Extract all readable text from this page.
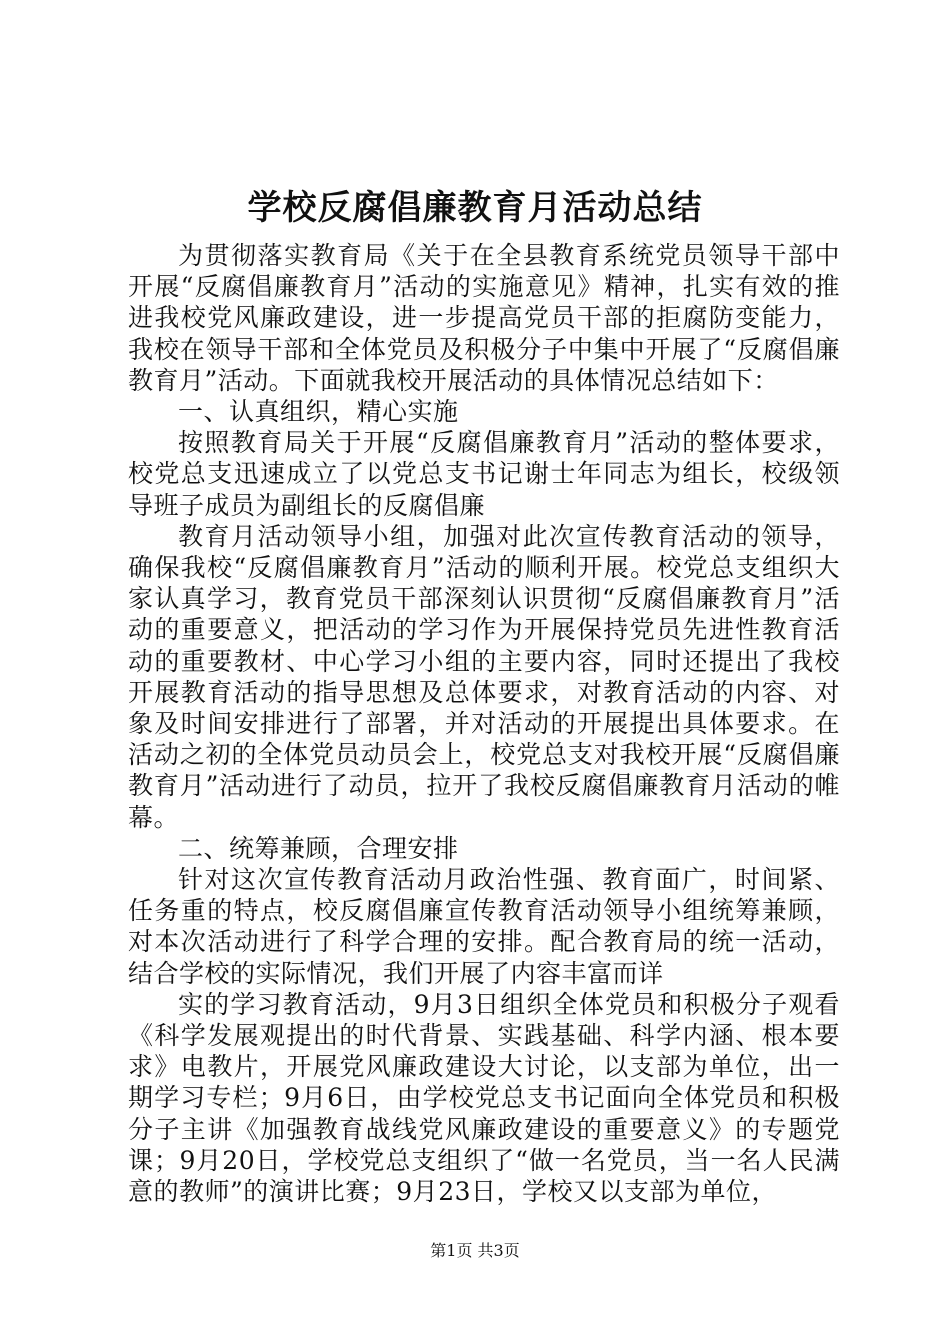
学校反腐倡廉教育月活动总结

为贯彻落实教育局《关于在全县教育系统党员领导干部中开展“反腐倡廉教育月”活动的实施意见》精神，扎实有效的推进我校党风廉政建设，进一步提高党员干部的拒腐防变能力，我校在领导干部和全体党员及积极分子中集中开展了“反腐倡廉教育月”活动。下面就我校开展活动的具体情况总结如下：

一、认真组织，精心实施

按照教育局关于开展“反腐倡廉教育月”活动的整体要求，校党总支迅速成立了以党总支书记谢士年同志为组长，校级领导班子成员为副组长的反腐倡廉

教育月活动领导小组，加强对此次宣传教育活动的领导，确保我校“反腐倡廉教育月”活动的顺利开展。校党总支组织大家认真学习，教育党员干部深刻认识贯彻“反腐倡廉教育月”活动的重要意义，把活动的学习作为开展保持党员先进性教育活动的重要教材、中心学习小组的主要内容，同时还提出了我校开展教育活动的指导思想及总体要求，对教育活动的内容、对象及时间安排进行了部署，并对活动的开展提出具体要求。在活动之初的全体党员动员会上，校党总支对我校开展“反腐倡廉教育月”活动进行了动员，拉开了我校反腐倡廉教育月活动的帷幕。

二、统筹兼顾，合理安排

针对这次宣传教育活动月政治性强、教育面广，时间紧、任务重的特点，校反腐倡廉宣传教育活动领导小组统筹兼顾，对本次活动进行了科学合理的安排。配合教育局的统一活动，结合学校的实际情况，我们开展了内容丰富而详

实的学习教育活动，9月3日组织全体党员和积极分子观看《科学发展观提出的时代背景、实践基础、科学内涵、根本要求》电教片，开展党风廉政建设大讨论，以支部为单位，出一期学习专栏；9月6日，由学校党总支书记面向全体党员和积极分子主讲《加强教育战线党风廉政建设的重要意义》的专题党课；9月20日，学校党总支组织了“做一名党员，当一名人民满意的教师”的演讲比赛；9月23日，学校又以支部为单位，

第1页 共3页
